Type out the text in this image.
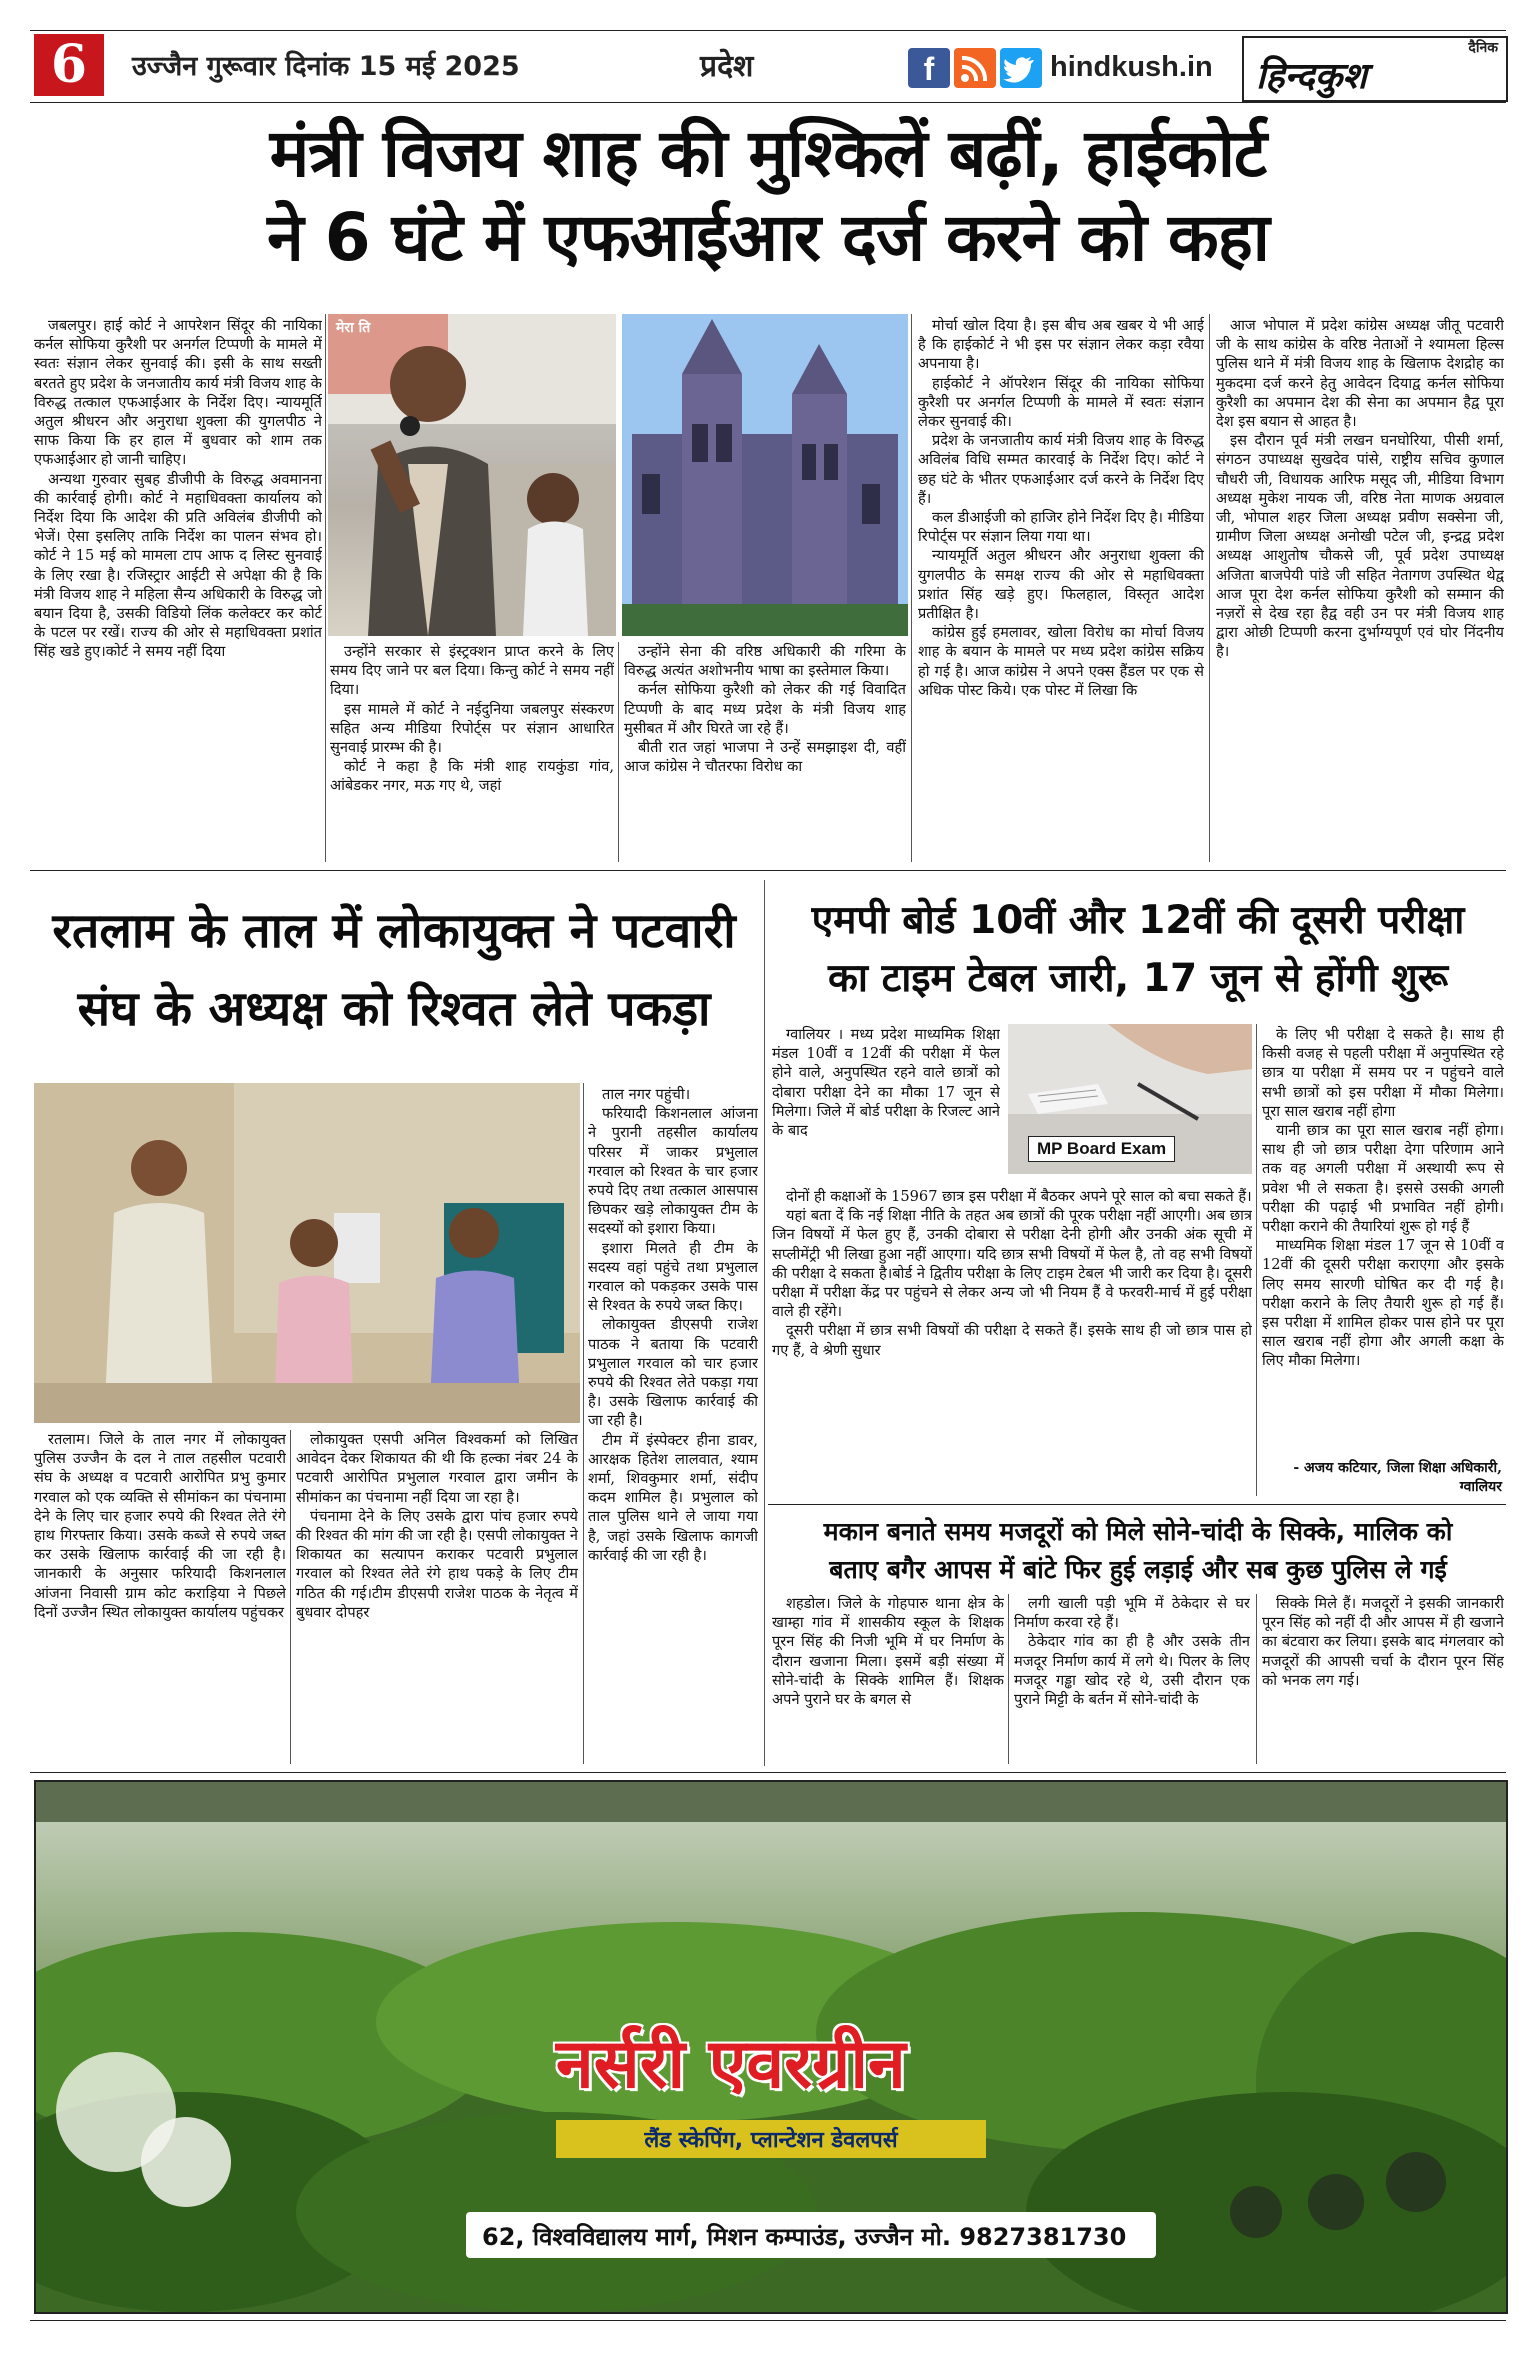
6	उज्जैन गुरूवार दिनांक 15 मई 2025	प्रदेश	f	hindkush.in
दैनिक
हिन्दकुश
मंत्री विजय शाह की मुश्किलें बढ़ीं, हाईकोर्ट
ने 6 घंटे में एफआईआर दर्ज करने को कहा
मेरा ति

जबलपुर। हाई कोर्ट ने आपरेशन सिंदूर की नायिका कर्नल सोफिया कुरैशी पर अनर्गल टिप्पणी के मामले में स्वतः संज्ञान लेकर सुनवाई की। इसी के साथ सख्ती बरतते हुए प्रदेश के जनजातीय कार्य मंत्री विजय शाह के विरुद्ध तत्काल एफआईआर के निर्देश दिए। न्यायमूर्ति अतुल श्रीधरन और अनुराधा शुक्ला की युगलपीठ ने साफ किया कि हर हाल में बुधवार को शाम तक एफआईआर हो जानी चाहिए।

अन्यथा गुरुवार सुबह डीजीपी के विरुद्ध अवमानना की कार्रवाई होगी। कोर्ट ने महाधिवक्ता कार्यालय को निर्देश दिया कि आदेश की प्रति अविलंब डीजीपी को भेजें। ऐसा इसलिए ताकि निर्देश का पालन संभव हो। कोर्ट ने 15 मई को मामला टाप आफ द लिस्ट सुनवाई के लिए रखा है। रजिस्ट्रार आईटी से अपेक्षा की है कि मंत्री विजय शाह ने महिला सैन्य अधिकारी के विरुद्ध जो बयान दिया है, उसकी विडियो लिंक कलेक्टर कर कोर्ट के पटल पर रखें। राज्य की ओर से महाधिवक्ता प्रशांत सिंह खडे हुए।कोर्ट ने समय नहीं दिया	उन्होंने सरकार से इंस्ट्रक्शन प्राप्त करने के लिए समय दिए जाने पर बल दिया। किन्तु कोर्ट ने समय नहीं दिया।

इस मामले में कोर्ट ने नईदुनिया जबलपुर संस्करण सहित अन्य मीडिया रिपोर्ट्स पर संज्ञान आधारित सुनवाई प्रारम्भ की है।

कोर्ट ने कहा है कि मंत्री शाह रायकुंडा गांव, आंबेडकर नगर, मऊ गए थे, जहां

उन्होंने सेना की वरिष्ठ अधिकारी की गरिमा के विरुद्ध अत्यंत अशोभनीय भाषा का इस्तेमाल किया।

कर्नल सोफिया कुरैशी को लेकर की गई विवादित टिप्पणी के बाद मध्य प्रदेश के मंत्री विजय शाह मुसीबत में और घिरते जा रहे हैं।

बीती रात जहां भाजपा ने उन्हें समझाइश दी, वहीं आज कांग्रेस ने चौतरफा विरोध का

मोर्चा खोल दिया है। इस बीच अब खबर ये भी आई है कि हाईकोर्ट ने भी इस पर संज्ञान लेकर कड़ा रवैया अपनाया है।

हाईकोर्ट ने ऑपरेशन सिंदूर की नायिका सोफिया कुरैशी पर अनर्गल टिप्पणी के मामले में स्वतः संज्ञान लेकर सुनवाई की।

प्रदेश के जनजातीय कार्य मंत्री विजय शाह के विरुद्ध अविलंब विधि सम्मत कारवाई के निर्देश दिए। कोर्ट ने छह घंटे के भीतर एफआईआर दर्ज करने के निर्देश दिए हैं।

कल डीआईजी को हाजिर होने निर्देश दिए है। मीडिया रिपोर्ट्स पर संज्ञान लिया गया था।

न्यायमूर्ति अतुल श्रीधरन और अनुराधा शुक्ला की युगलपीठ के समक्ष राज्य की ओर से महाधिवक्ता प्रशांत सिंह खड़े हुए। फिलहाल, विस्तृत आदेश प्रतीक्षित है।

कांग्रेस हुई हमलावर, खोला विरोध का मोर्चा विजय शाह के बयान के मामले पर मध्य प्रदेश कांग्रेस सक्रिय हो गई है। आज कांग्रेस ने अपने एक्स हैंडल पर एक से अधिक पोस्ट किये। एक पोस्ट में लिखा कि

आज भोपाल में प्रदेश कांग्रेस अध्यक्ष जीतू पटवारी जी के साथ कांग्रेस के वरिष्ठ नेताओं ने श्यामला हिल्स पुलिस थाने में मंत्री विजय शाह के खिलाफ देशद्रोह का मुकदमा दर्ज करने हेतु आवेदन दियाद्व कर्नल सोफिया कुरैशी का अपमान देश की सेना का अपमान हैद्व पूरा देश इस बयान से आहत है।

इस दौरान पूर्व मंत्री लखन घनघोरिया, पीसी शर्मा, संगठन उपाध्यक्ष सुखदेव पांसे, राष्ट्रीय सचिव कुणाल चौधरी जी, विधायक आरिफ मसूद जी, मीडिया विभाग अध्यक्ष मुकेश नायक जी, वरिष्ठ नेता माणक अग्रवाल जी, भोपाल शहर जिला अध्यक्ष प्रवीण सक्सेना जी, ग्रामीण जिला अध्यक्ष अनोखी पटेल जी, इन्द्रद्व प्रदेश अध्यक्ष आशुतोष चौकसे जी, पूर्व प्रदेश उपाध्यक्ष अजिता बाजपेयी पांडे जी सहित नेतागण उपस्थित थेद्व आज पूरा देश कर्नल सोफिया कुरैशी को सम्मान की नज़रों से देख रहा हैद्व वही उन पर मंत्री विजय शाह द्वारा ओछी टिप्पणी करना दुर्भाग्यपूर्ण एवं घोर निंदनीय है।

रतलाम के ताल में लोकायुक्त ने पटवारी
संघ के अध्यक्ष को रिश्वत लेते पकड़ा

रतलाम। जिले के ताल नगर में लोकायुक्त पुलिस उज्जैन के दल ने ताल तहसील पटवारी संघ के अध्यक्ष व पटवारी आरोपित प्रभु कुमार गरवाल को एक व्यक्ति से सीमांकन का पंचनामा देने के लिए चार हजार रुपये की रिश्वत लेते रंगे हाथ गिरफ्तार किया। उसके कब्जे से रुपये जब्त कर उसके खिलाफ कार्रवाई की जा रही है। जानकारी के अनुसार फरियादी किशनलाल आंजना निवासी ग्राम कोट कराड़िया ने पिछले दिनों उज्जैन स्थित लोकायुक्त कार्यालय पहुंचकर

लोकायुक्त एसपी अनिल विश्वकर्मा को लिखित आवेदन देकर शिकायत की थी कि हल्का नंबर 24 के पटवारी आरोपित प्रभुलाल गरवाल द्वारा जमीन के सीमांकन का पंचनामा नहीं दिया जा रहा है।

पंचनामा देने के लिए उसके द्वारा पांच हजार रुपये की रिश्वत की मांग की जा रही है। एसपी लोकायुक्त ने शिकायत का सत्यापन कराकर पटवारी प्रभुलाल गरवाल को रिश्वत लेते रंगे हाथ पकड़े के लिए टीम गठित की गई।टीम डीएसपी राजेश पाठक के नेतृत्व में बुधवार दोपहर

ताल नगर पहुंची।

फरियादी किशनलाल आंजना ने पुरानी तहसील कार्यालय परिसर में जाकर प्रभुलाल गरवाल को रिश्वत के चार हजार रुपये दिए तथा तत्काल आसपास छिपकर खड़े लोकायुक्त टीम के सदस्यों को इशारा किया।

इशारा मिलते ही टीम के सदस्य वहां पहुंचे तथा प्रभुलाल गरवाल को पकड़कर उसके पास से रिश्वत के रुपये जब्त किए।

लोकायुक्त डीएसपी राजेश पाठक ने बताया कि पटवारी प्रभुलाल गरवाल को चार हजार रुपये की रिश्वत लेते पकड़ा गया है। उसके खिलाफ कार्रवाई की जा रही है।

टीम में इंस्पेक्टर हीना डावर, आरक्षक हितेश लालवात, श्याम शर्मा, शिवकुमार शर्मा, संदीप कदम शामिल है। प्रभुलाल को ताल पुलिस थाने ले जाया गया है, जहां उसके खिलाफ कागजी कार्रवाई की जा रही है।

एमपी बोर्ड 10वीं और 12वीं की दूसरी परीक्षा
का टाइम टेबल जारी, 17 जून से होंगी शुरू
MP Board Exam

ग्वालियर । मध्य प्रदेश माध्यमिक शिक्षा मंडल 10वीं व 12वीं की परीक्षा में फेल होने वाले, अनुपस्थित रहने वाले छात्रों को दोबारा परीक्षा देने का मौका 17 जून से मिलेगा। जिले में बोर्ड परीक्षा के रिजल्ट आने के बाद

दोनों ही कक्षाओं के 15967 छात्र इस परीक्षा में बैठकर अपने पूरे साल को बचा सकते हैं।

यहां बता दें कि नई शिक्षा नीति के तहत अब छात्रों की पूरक परीक्षा नहीं आएगी। अब छात्र जिन विषयों में फेल हुए हैं, उनकी दोबारा से परीक्षा देनी होगी और उनकी अंक सूची में सप्लीमेंट्री भी लिखा हुआ नहीं आएगा। यदि छात्र सभी विषयों में फेल है, तो वह सभी विषयों की परीक्षा दे सकता है।बोर्ड ने द्वितीय परीक्षा के लिए टाइम टेबल भी जारी कर दिया है। दूसरी परीक्षा में परीक्षा केंद्र पर पहुंचने से लेकर अन्य जो भी नियम हैं वे फरवरी-मार्च में हुई परीक्षा वाले ही रहेंगे।

दूसरी परीक्षा में छात्र सभी विषयों की परीक्षा दे सकते हैं। इसके साथ ही जो छात्र पास हो गए हैं, वे श्रेणी सुधार

के लिए भी परीक्षा दे सकते है। साथ ही किसी वजह से पहली परीक्षा में अनुपस्थित रहे छात्र या परीक्षा में समय पर न पहुंचने वाले सभी छात्रों को इस परीक्षा में मौका मिलेगा। पूरा साल खराब नहीं होगा

यानी छात्र का पूरा साल खराब नहीं होगा। साथ ही जो छात्र परीक्षा देगा परिणाम आने तक वह अगली परीक्षा में अस्थायी रूप से प्रवेश भी ले सकता है। इससे उसकी अगली परीक्षा की पढ़ाई भी प्रभावित नहीं होगी। परीक्षा कराने की तैयारियां शुरू हो गई हैं

माध्यमिक शिक्षा मंडल 17 जून से 10वीं व 12वीं की दूसरी परीक्षा कराएगा और इसके लिए समय सारणी घोषित कर दी गई है। परीक्षा कराने के लिए तैयारी शुरू हो गई हैं। इस परीक्षा में शामिल होकर पास होने पर पूरा साल खराब नहीं होगा और अगली कक्षा के लिए मौका मिलेगा।

- अजय कटियार, जिला शिक्षा अधिकारी,
ग्वालियर
मकान बनाते समय मजदूरों को मिले सोने-चांदी के सिक्के, मालिक को
बताए बगैर आपस में बांटे फिर हुई लड़ाई और सब कुछ पुलिस ले गई

शहडोल। जिले के गोहपारु थाना क्षेत्र के खाम्हा गांव में शासकीय स्कूल के शिक्षक पूरन सिंह की निजी भूमि में घर निर्माण के दौरान खजाना मिला। इसमें बड़ी संख्या में सोने-चांदी के सिक्के शामिल हैं। शिक्षक अपने पुराने घर के बगल से

लगी खाली पड़ी भूमि में ठेकेदार से घर निर्माण करवा रहे हैं।

ठेकेदार गांव का ही है और उसके तीन मजदूर निर्माण कार्य में लगे थे। पिलर के लिए मजदूर गड्ढा खोद रहे थे, उसी दौरान एक पुराने मिट्टी के बर्तन में सोने-चांदी के

सिक्के मिले हैं। मजदूरों ने इसकी जानकारी पूरन सिंह को नहीं दी और आपस में ही खजाने का बंटवारा कर लिया। इसके बाद मंगलवार को मजदूरों की आपसी चर्चा के दौरान पूरन सिंह को भनक लग गई।

नर्सरी एवरग्रीन
लैंड स्केपिंग, प्लान्टेशन डेवलपर्स
62, विश्वविद्यालय मार्ग, मिशन कम्पाउंड, उज्जैन मो. 9827381730
